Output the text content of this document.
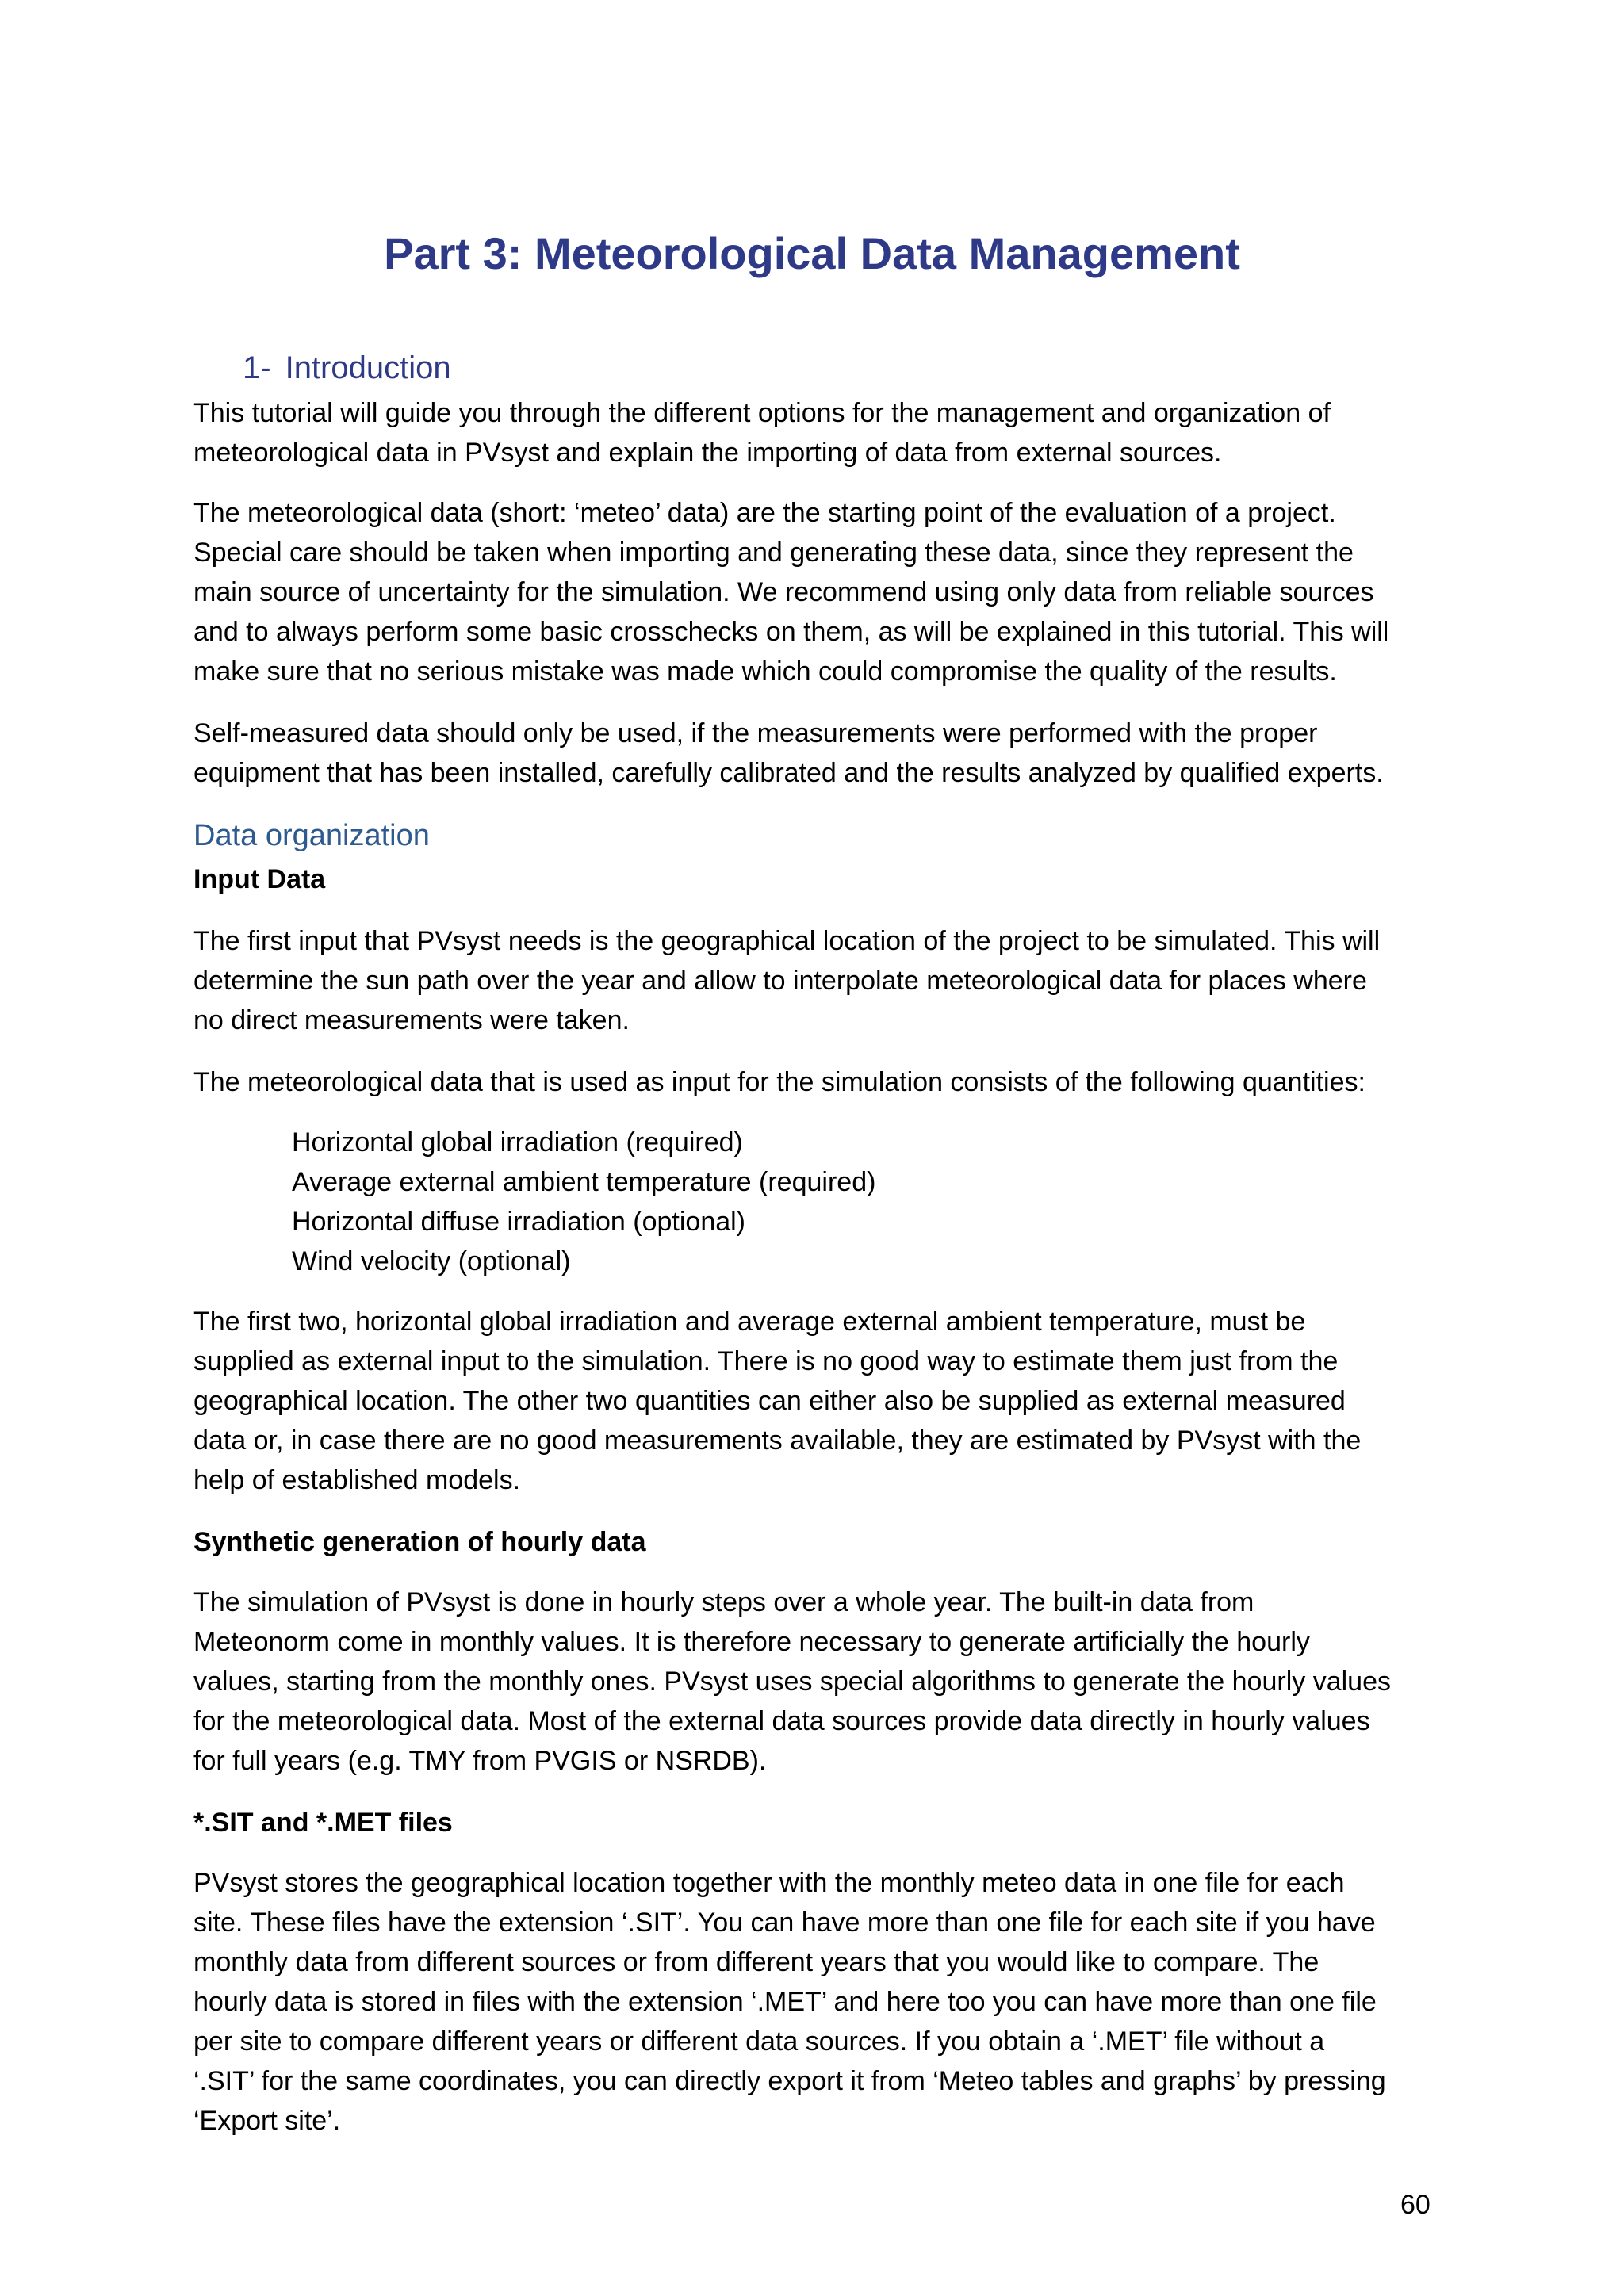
Part 3: Meteorological Data Management
1- Introduction
This tutorial will guide you through the different options for the management and organization of
meteorological data in PVsyst and explain the importing of data from external sources.
The meteorological data (short: ‘meteo’ data) are the starting point of the evaluation of a project.
Special care should be taken when importing and generating these data, since they represent the
main source of uncertainty for the simulation. We recommend using only data from reliable sources
and to always perform some basic crosschecks on them, as will be explained in this tutorial. This will
make sure that no serious mistake was made which could compromise the quality of the results.
Self-measured data should only be used, if the measurements were performed with the proper
equipment that has been installed, carefully calibrated and the results analyzed by qualified experts.
Data organization
Input Data
The first input that PVsyst needs is the geographical location of the project to be simulated. This will
determine the sun path over the year and allow to interpolate meteorological data for places where
no direct measurements were taken.
The meteorological data that is used as input for the simulation consists of the following quantities:
Horizontal global irradiation (required)
Average external ambient temperature (required)
Horizontal diffuse irradiation (optional)
Wind velocity (optional)
The first two, horizontal global irradiation and average external ambient temperature, must be
supplied as external input to the simulation. There is no good way to estimate them just from the
geographical location. The other two quantities can either also be supplied as external measured
data or, in case there are no good measurements available, they are estimated by PVsyst with the
help of established models.
Synthetic generation of hourly data
The simulation of PVsyst is done in hourly steps over a whole year. The built-in data from
Meteonorm come in monthly values. It is therefore necessary to generate artificially the hourly
values, starting from the monthly ones. PVsyst uses special algorithms to generate the hourly values
for the meteorological data. Most of the external data sources provide data directly in hourly values
for full years (e.g. TMY from PVGIS or NSRDB).
*.SIT and *.MET files
PVsyst stores the geographical location together with the monthly meteo data in one file for each
site. These files have the extension ‘.SIT’. You can have more than one file for each site if you have
monthly data from different sources or from different years that you would like to compare. The
hourly data is stored in files with the extension ‘.MET’ and here too you can have more than one file
per site to compare different years or different data sources. If you obtain a ‘.MET’ file without a
‘.SIT’ for the same coordinates, you can directly export it from ‘Meteo tables and graphs’ by pressing
‘Export site’.
60
